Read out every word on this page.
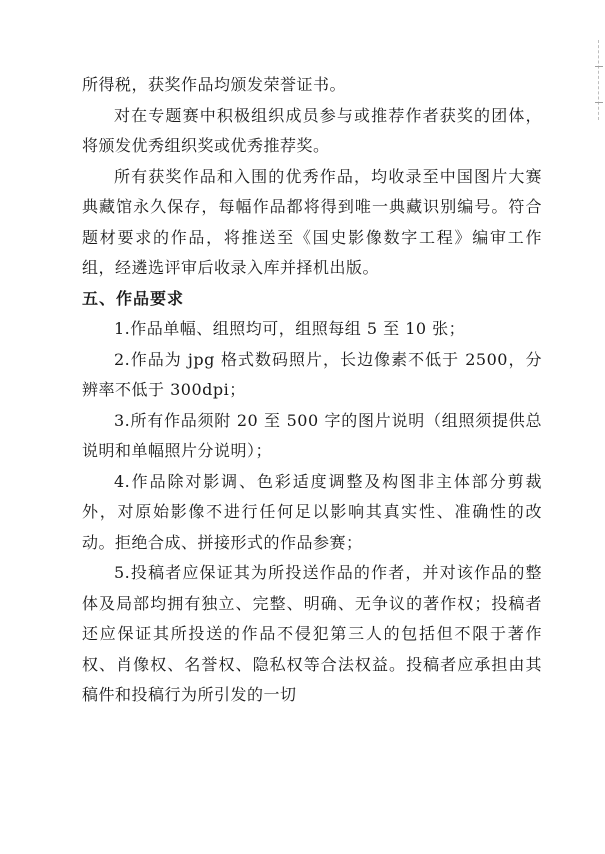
所得税，获奖作品均颁发荣誉证书。

对在专题赛中积极组织成员参与或推荐作者获奖的团体，将颁发优秀组织奖或优秀推荐奖。

所有获奖作品和入围的优秀作品，均收录至中国图片大赛典藏馆永久保存，每幅作品都将得到唯一典藏识别编号。符合题材要求的作品，将推送至《国史影像数字工程》编审工作组，经遴选评审后收录入库并择机出版。

五、作品要求

1.作品单幅、组照均可，组照每组 5 至 10 张；

2.作品为 jpg 格式数码照片，长边像素不低于 2500，分辨率不低于 300dpi；

3.所有作品须附 20 至 500 字的图片说明（组照须提供总说明和单幅照片分说明）；

4.作品除对影调、色彩适度调整及构图非主体部分剪裁外，对原始影像不进行任何足以影响其真实性、准确性的改动。拒绝合成、拼接形式的作品参赛；

5.投稿者应保证其为所投送作品的作者，并对该作品的整体及局部均拥有独立、完整、明确、无争议的著作权；投稿者还应保证其所投送的作品不侵犯第三人的包括但不限于著作权、肖像权、名誉权、隐私权等合法权益。投稿者应承担由其稿件和投稿行为所引发的一切
